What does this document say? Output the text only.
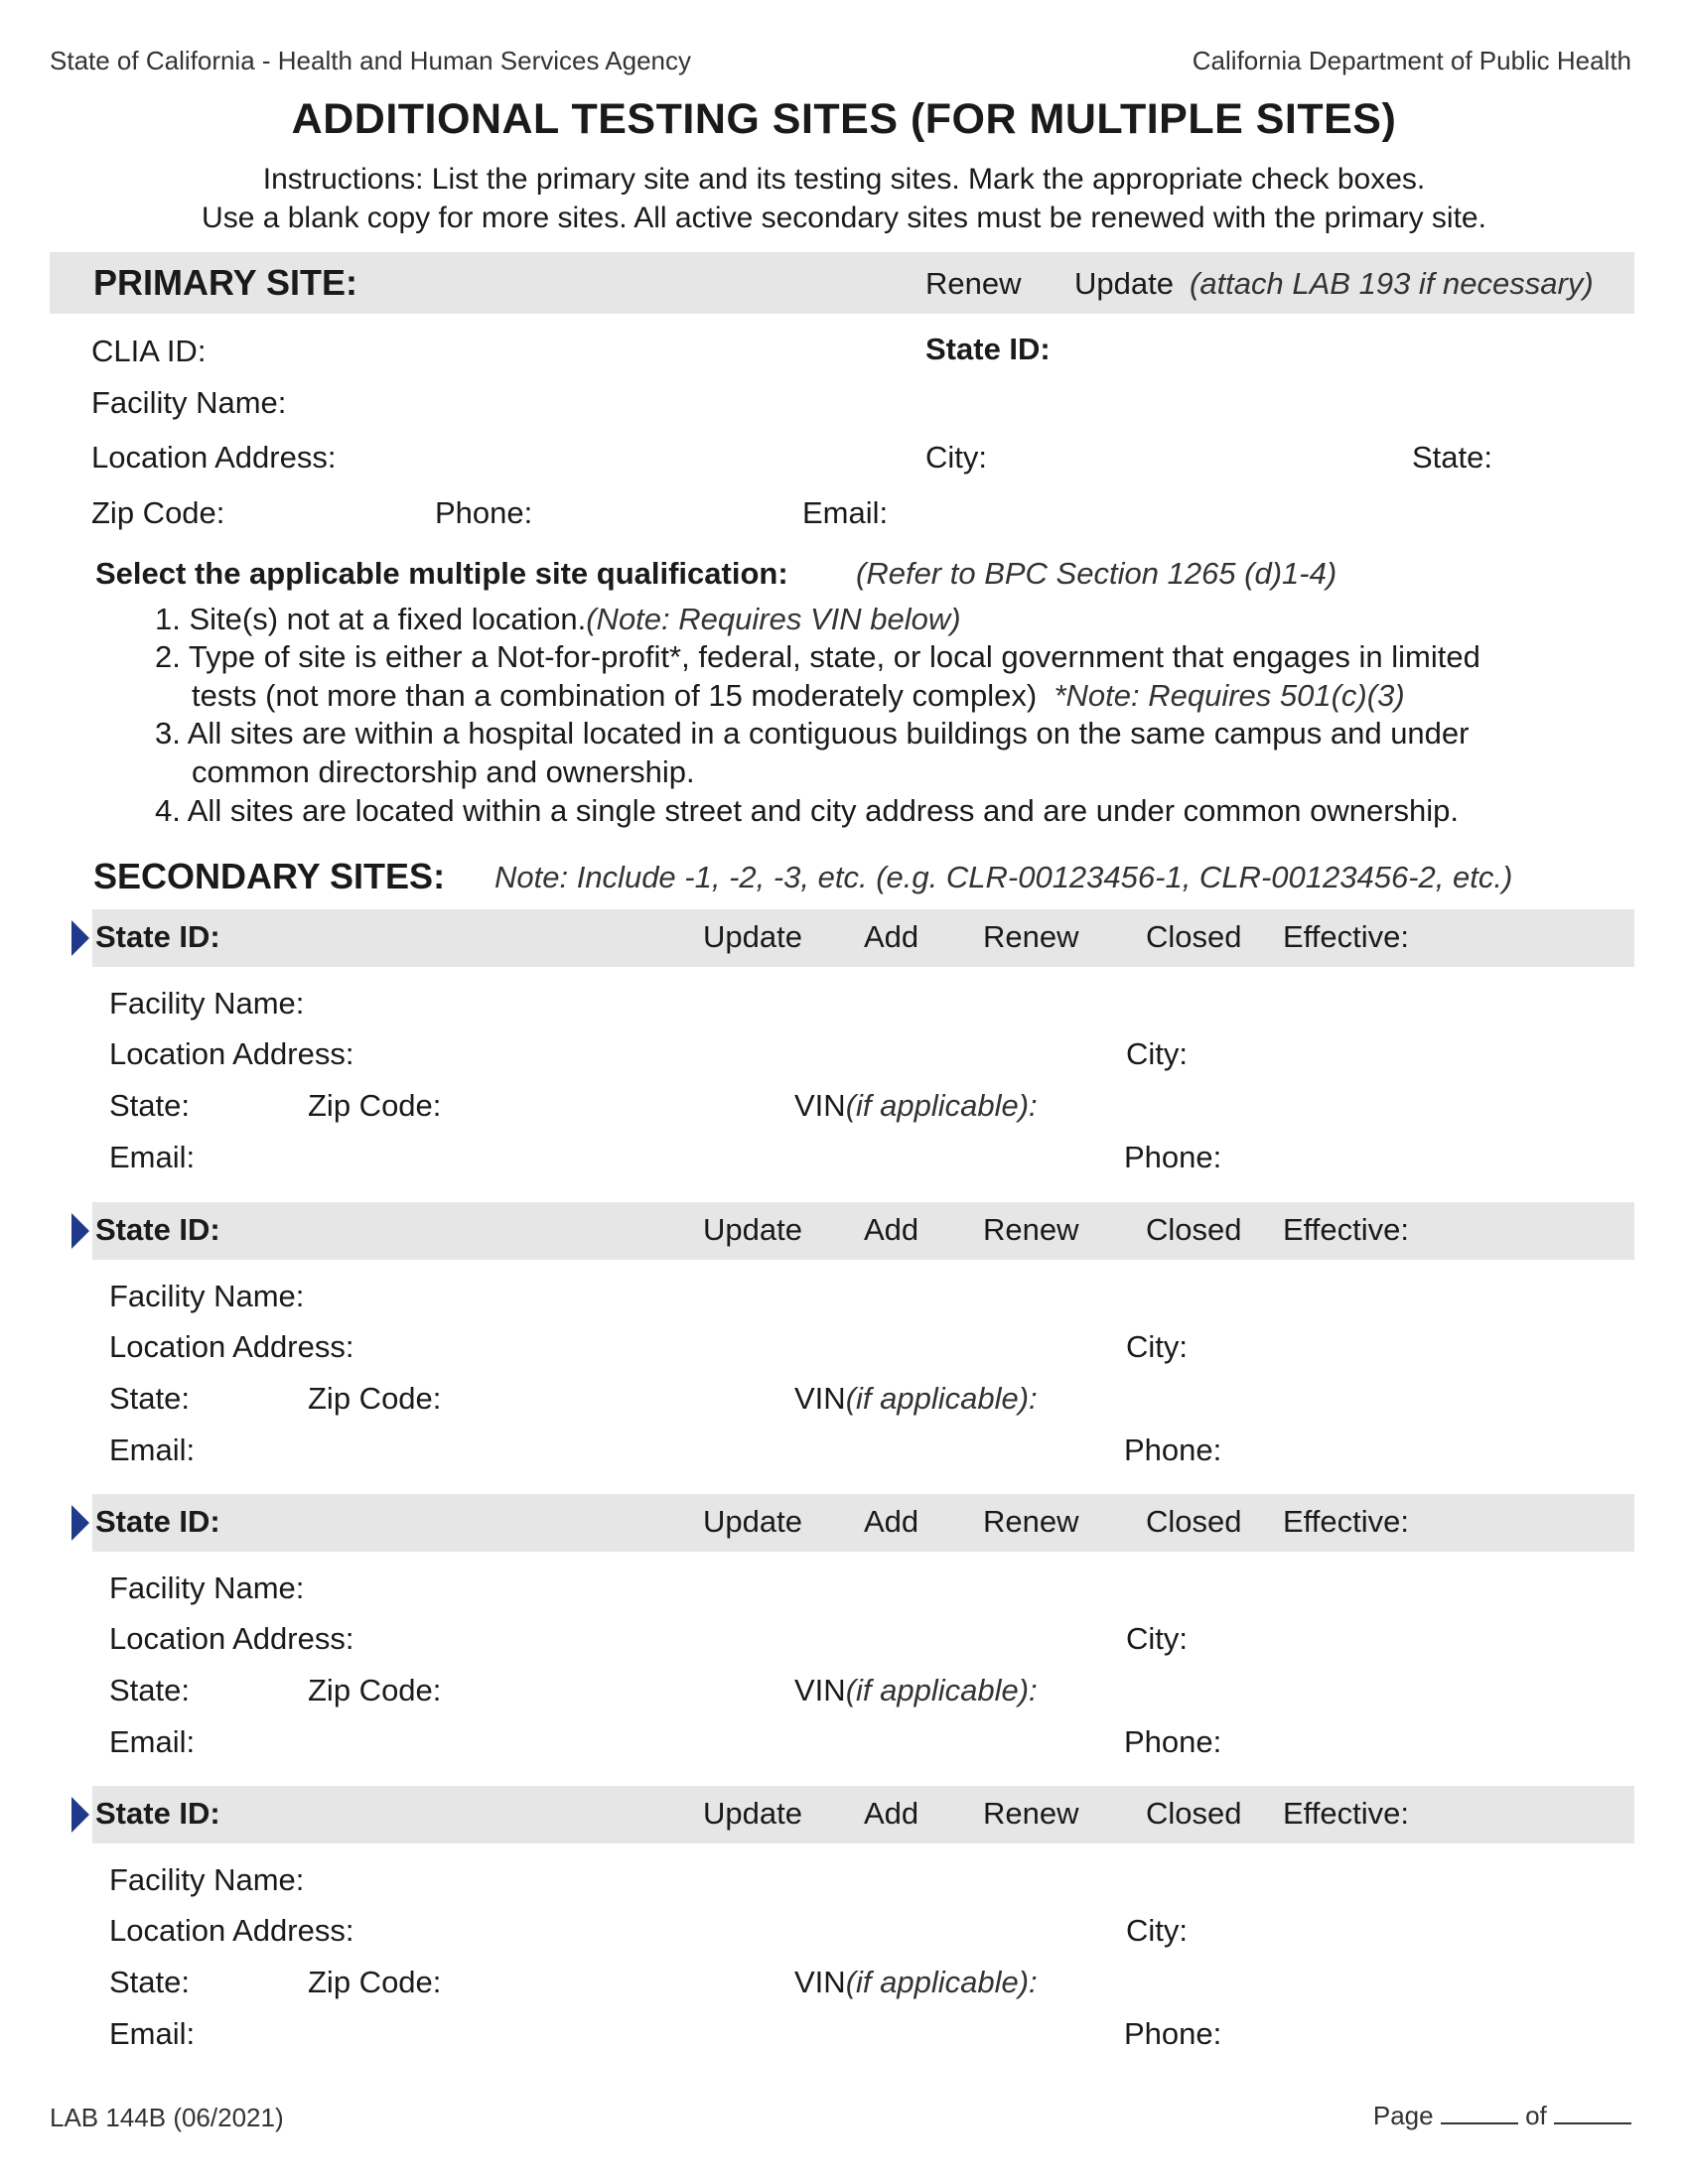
State of California - Health and Human Services Agency	California Department of Public Health
ADDITIONAL TESTING SITES (FOR MULTIPLE SITES)
Instructions: List the primary site and its testing sites. Mark the appropriate check boxes.
Use a blank copy for more sites. All active secondary sites must be renewed with the primary site.
PRIMARY SITE:	Renew Update (attach LAB 193 if necessary)
CLIA ID:	State ID:
Facility Name:
Location Address:	City:	State:
Zip Code:	Phone:	Email:
Select the applicable multiple site qualification: (Refer to BPC Section 1265 (d)1-4)
1. Site(s) not at a fixed location.(Note: Requires VIN below)
2. Type of site is either a Not-for-profit*, federal, state, or local government that engages in limited
tests (not more than a combination of 15 moderately complex) *Note: Requires 501(c)(3)
3. All sites are within a hospital located in a contiguous buildings on the same campus and under
common directorship and ownership.
4. All sites are located within a single street and city address and are under common ownership.
SECONDARY SITES: Note: Include -1, -2, -3, etc. (e.g. CLR-00123456-1, CLR-00123456-2, etc.)
State ID:	Update Add Renew Closed Effective:
Facility Name:
Location Address:	City:
State:	Zip Code:	VIN(if applicable):
Email:	Phone:
State ID:	Update Add Renew Closed Effective:
Facility Name:
Location Address:	City:
State:	Zip Code:	VIN(if applicable):
Email:	Phone:
State ID:	Update Add Renew Closed Effective:
Facility Name:
Location Address:	City:
State:	Zip Code:	VIN(if applicable):
Email:	Phone:
State ID:	Update Add Renew Closed Effective:
Facility Name:
Location Address:	City:
State:	Zip Code:	VIN(if applicable):
Email:	Phone:
LAB 144B (06/2021)	Page	of
